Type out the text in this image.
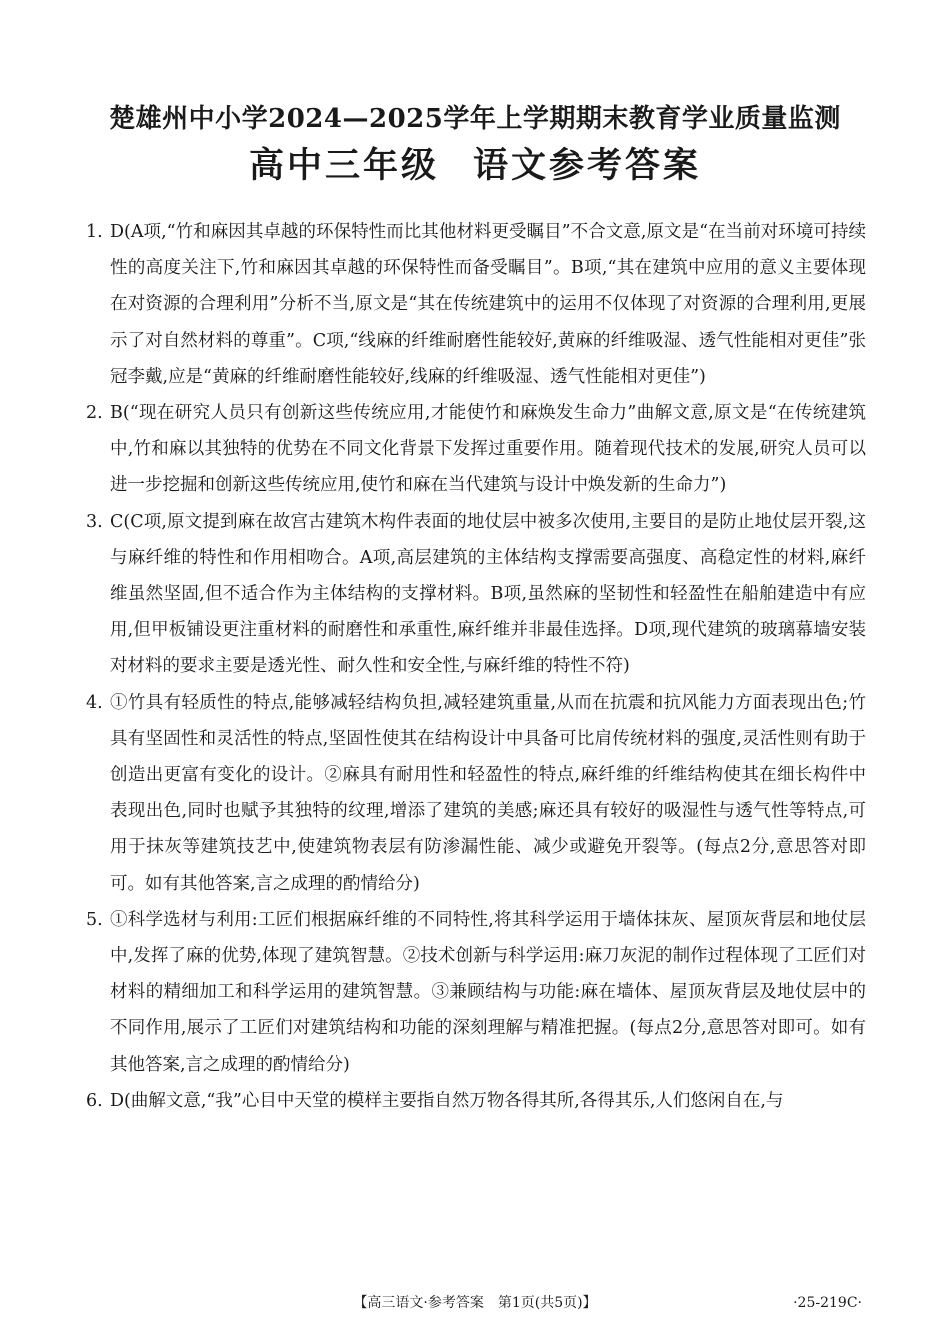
楚雄州中小学2024—2025学年上学期期末教育学业质量监测
高中三年级 语文参考答案
1. D(A项,“竹和麻因其卓越的环保特性而比其他材料更受瞩目”不合文意,原文是“在当前对环境可持续性的高度关注下,竹和麻因其卓越的环保特性而备受瞩目”。B项,“其在建筑中应用的意义主要体现在对资源的合理利用”分析不当,原文是“其在传统建筑中的运用不仅体现了对资源的合理利用,更展示了对自然材料的尊重”。C项,“线麻的纤维耐磨性能较好,黄麻的纤维吸湿、透气性能相对更佳”张冠李戴,应是“黄麻的纤维耐磨性能较好,线麻的纤维吸湿、透气性能相对更佳”)
2. B(“现在研究人员只有创新这些传统应用,才能使竹和麻焕发生命力”曲解文意,原文是“在传统建筑中,竹和麻以其独特的优势在不同文化背景下发挥过重要作用。随着现代技术的发展,研究人员可以进一步挖掘和创新这些传统应用,使竹和麻在当代建筑与设计中焕发新的生命力”)
3. C(C项,原文提到麻在故宫古建筑木构件表面的地仗层中被多次使用,主要目的是防止地仗层开裂,这与麻纤维的特性和作用相吻合。A项,高层建筑的主体结构支撑需要高强度、高稳定性的材料,麻纤维虽然坚固,但不适合作为主体结构的支撑材料。B项,虽然麻的坚韧性和轻盈性在船舶建造中有应用,但甲板铺设更注重材料的耐磨性和承重性,麻纤维并非最佳选择。D项,现代建筑的玻璃幕墙安装对材料的要求主要是透光性、耐久性和安全性,与麻纤维的特性不符)
4. ①竹具有轻质性的特点,能够减轻结构负担,减轻建筑重量,从而在抗震和抗风能力方面表现出色;竹具有坚固性和灵活性的特点,坚固性使其在结构设计中具备可比肩传统材料的强度,灵活性则有助于创造出更富有变化的设计。②麻具有耐用性和轻盈性的特点,麻纤维的纤维结构使其在细长构件中表现出色,同时也赋予其独特的纹理,增添了建筑的美感;麻还具有较好的吸湿性与透气性等特点,可用于抹灰等建筑技艺中,使建筑物表层有防渗漏性能、减少或避免开裂等。(每点2分,意思答对即可。如有其他答案,言之成理的酌情给分)
5. ①科学选材与利用:工匠们根据麻纤维的不同特性,将其科学运用于墙体抹灰、屋顶灰背层和地仗层中,发挥了麻的优势,体现了建筑智慧。②技术创新与科学运用:麻刀灰泥的制作过程体现了工匠们对材料的精细加工和科学运用的建筑智慧。③兼顾结构与功能:麻在墙体、屋顶灰背层及地仗层中的不同作用,展示了工匠们对建筑结构和功能的深刻理解与精准把握。(每点2分,意思答对即可。如有其他答案,言之成理的酌情给分)
6. D(曲解文意,“我”心目中天堂的模样主要指自然万物各得其所,各得其乐,人们悠闲自在,与
【高三语文·参考答案　第1页(共5页)】	·25-219C·
